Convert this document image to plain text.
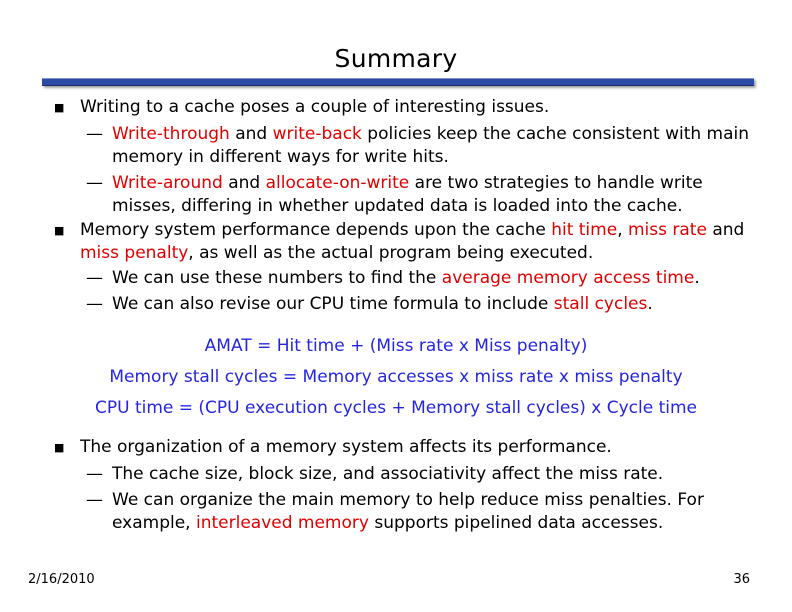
Summary
■ Writing to a cache poses a couple of interesting issues.
— Write-through and write-back policies keep the cache consistent with main memory in different ways for write hits.
— Write-around and allocate-on-write are two strategies to handle write misses, differing in whether updated data is loaded into the cache.
■ Memory system performance depends upon the cache hit time, miss rate and miss penalty, as well as the actual program being executed.
— We can use these numbers to find the average memory access time.
— We can also revise our CPU time formula to include stall cycles.
AMAT = Hit time + (Miss rate x Miss penalty)
Memory stall cycles = Memory accesses x miss rate x miss penalty
CPU time = (CPU execution cycles + Memory stall cycles) x Cycle time
■ The organization of a memory system affects its performance.
— The cache size, block size, and associativity affect the miss rate.
— We can organize the main memory to help reduce miss penalties. For example, interleaved memory supports pipelined data accesses.
2/16/2010	36
